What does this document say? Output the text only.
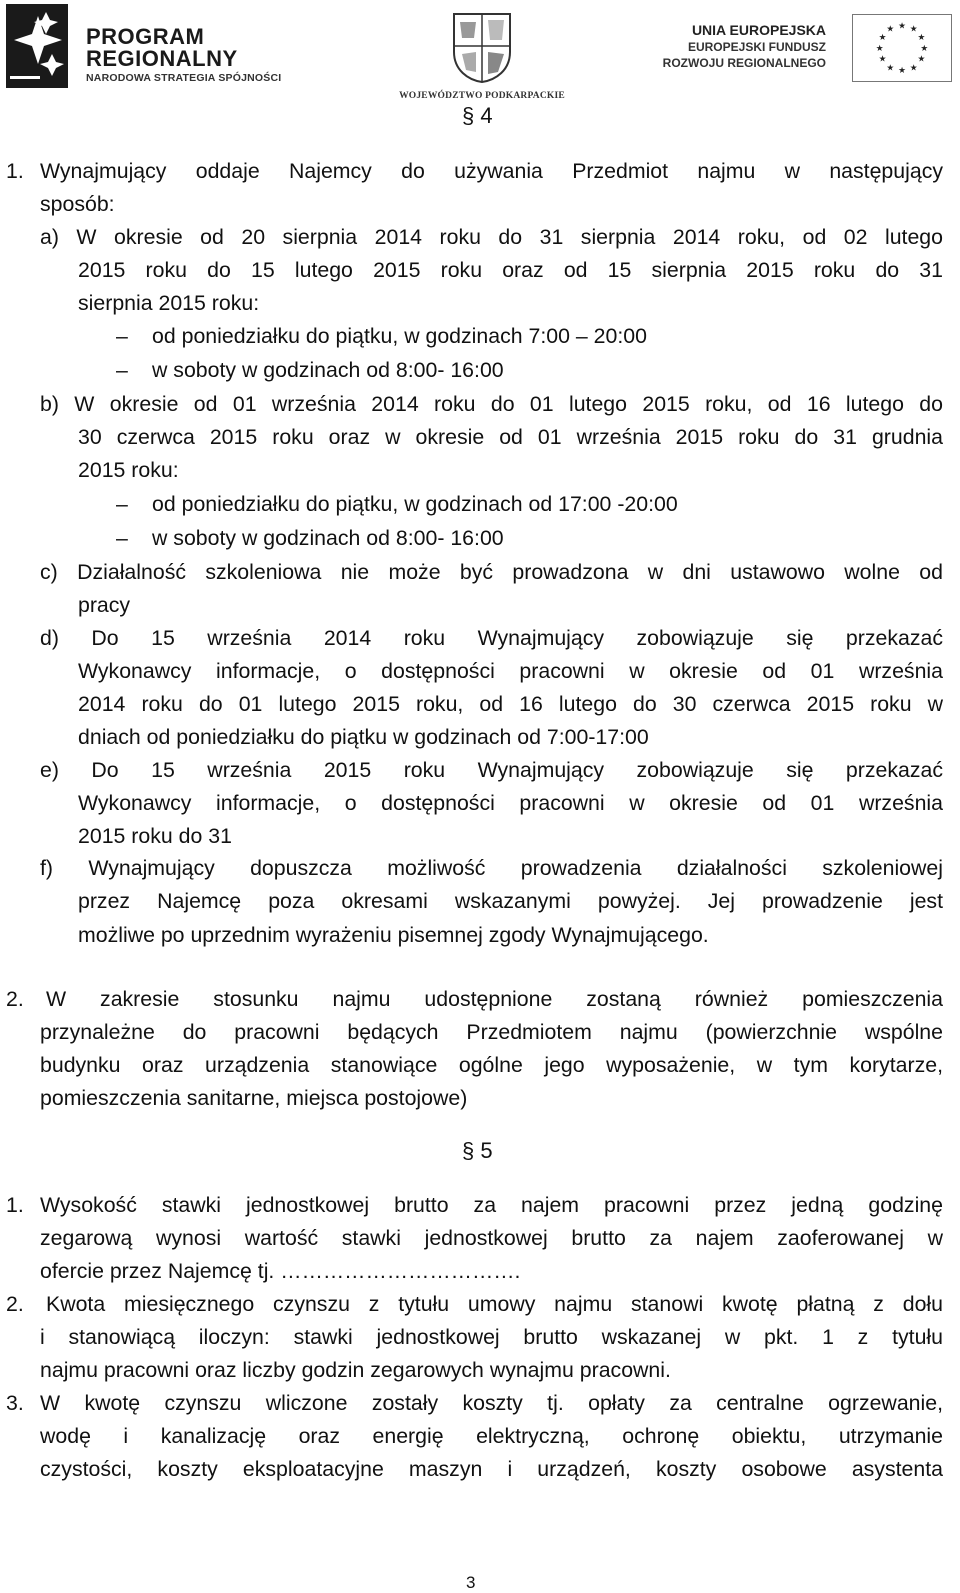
PROGRAM
REGIONALNY
NARODOWA STRATEGIA SPÓJNOŚCI
WOJEWÓDZTWO PODKARPACKIE
UNIA EUROPEJSKA
EUROPEJSKI FUNDUSZ
ROZWOJU REGIONALNEGO
★ ★
★
★
★
★
★
★
★
★
★
★
§ 4
1. Wynajmujący oddaje Najemcy do używania Przedmiot najmu w następujący
sposób:
a) W okresie od 20 sierpnia 2014 roku do 31 sierpnia 2014 roku, od 02 lutego
2015 roku do 15 lutego 2015 roku oraz od 15 sierpnia 2015 roku do 31
sierpnia 2015 roku:
– od poniedziałku do piątku, w godzinach 7:00 – 20:00
– w soboty w godzinach od 8:00- 16:00
b) W okresie od 01 września 2014 roku do 01 lutego 2015 roku, od 16 lutego do
30 czerwca 2015 roku oraz w okresie od 01 września 2015 roku do 31 grudnia
2015 roku:
– od poniedziałku do piątku, w godzinach od 17:00 -20:00
– w soboty w godzinach od 8:00- 16:00
c) Działalność szkoleniowa nie może być prowadzona w dni ustawowo wolne od
pracy
d) Do 15 września 2014 roku Wynajmujący zobowiązuje się przekazać
Wykonawcy informacje, o dostępności pracowni w okresie od 01 września
2014 roku do 01 lutego 2015 roku, od 16 lutego do 30 czerwca 2015 roku w
dniach od poniedziałku do piątku w godzinach od 7:00-17:00
e) Do 15 września 2015 roku Wynajmujący zobowiązuje się przekazać
Wykonawcy informacje, o dostępności pracowni w okresie od 01 września
2015 roku do 31
f) Wynajmujący dopuszcza możliwość prowadzenia działalności szkoleniowej
przez Najemcę poza okresami wskazanymi powyżej. Jej prowadzenie jest
możliwe po uprzednim wyrażeniu pisemnej zgody Wynajmującego.
2. W zakresie stosunku najmu udostępnione zostaną również pomieszczenia
przynależne do pracowni będących Przedmiotem najmu (powierzchnie wspólne
budynku oraz urządzenia stanowiące ogólne jego wyposażenie, w tym korytarze,
pomieszczenia sanitarne, miejsca postojowe)
§ 5
1. Wysokość stawki jednostkowej brutto za najem pracowni przez jedną godzinę
zegarową wynosi wartość stawki jednostkowej brutto za najem zaoferowanej w
ofercie przez Najemcę tj. …………………………….
2. Kwota miesięcznego czynszu z tytułu umowy najmu stanowi kwotę płatną z dołu
i stanowiącą iloczyn: stawki jednostkowej brutto wskazanej w pkt. 1 z tytułu
najmu pracowni oraz liczby godzin zegarowych wynajmu pracowni.
3. W kwotę czynszu wliczone zostały koszty tj. opłaty za centralne ogrzewanie,
wodę i kanalizację oraz energię elektryczną, ochronę obiektu, utrzymanie
czystości, koszty eksploatacyjne maszyn i urządzeń, koszty osobowe asystenta
3
